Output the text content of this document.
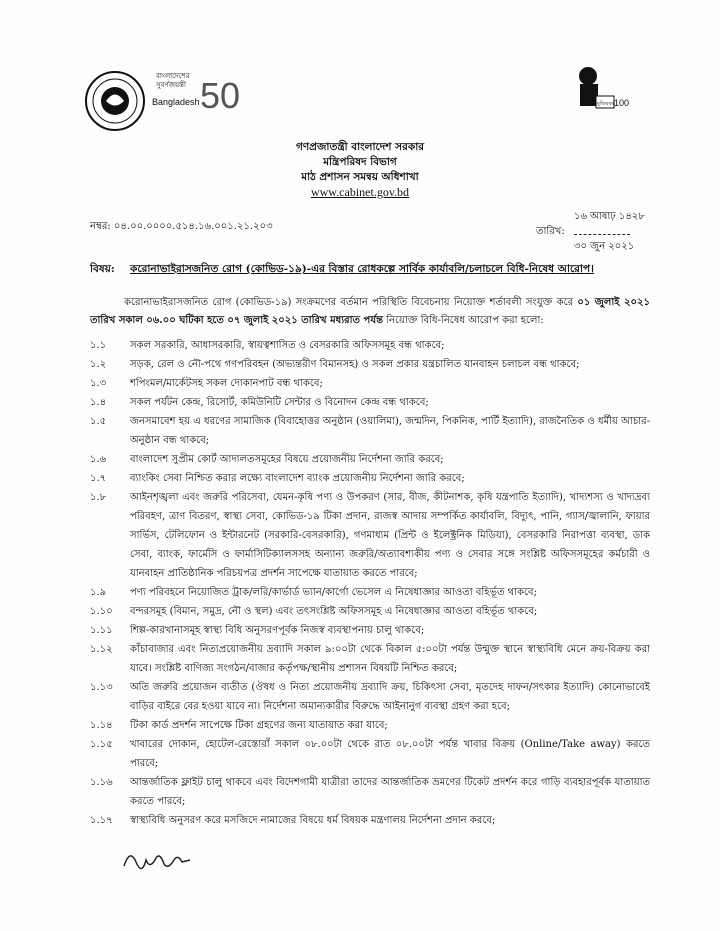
বাংলাদেশের
সুবর্ণজয়ন্তী
Bangladesh 50	মুজিববর্ষ 100
গণপ্রজাতন্ত্রী বাংলাদেশ সরকার
মন্ত্রিপরিষদ বিভাগ
মাঠ প্রশাসন সমন্বয় অধিশাখা
www.cabinet.gov.bd
নম্বর: ০৪.০০.০০০০.৫১৪.১৬.০০১.২১.২০৩
১৬ আষাঢ় ১৪২৮
তারিখ:
৩০ জুন ২০২১
বিষয়: করোনাভাইরাসজনিত রোগ (কোভিড-১৯)-এর বিস্তার রোধকল্পে সার্বিক কার্যাবলি/চলাচলে বিধি-নিষেধ আরোপ।
করোনাভাইরাসজনিত রোগ (কোভিড-১৯) সংক্রমণের বর্তমান পরিস্থিতি বিবেচনায় নিয়োক্ত শর্তাবলী সংযুক্ত করে ০১ জুলাই ২০২১ তারিখ সকাল ০৬.০০ ঘটিকা হতে ০৭ জুলাই ২০২১ তারিখ মধ্যরাত পর্যন্ত নিয়োক্ত বিধি-নিষেধ আরোপ করা হলো:
১.১	সকল সরকারি, আধাসরকারি, স্বায়ত্বশাসিত ও বেসরকারি অফিসসমূহ বন্ধ থাকবে;
১.২	সড়ক, রেল ও নৌ-পথে গণপরিবহন (অভ্যন্তরীণ বিমানসহ) ও সকল প্রকার যন্ত্রচালিত যানবাহন চলাচল বন্ধ থাকবে;
১.৩	শপিংমল/মার্কেটসহ সকল দোকানপাট বন্ধ থাকবে;
১.৪	সকল পর্যটন কেন্দ্র, রিসোর্ট, কমিউনিটি সেন্টার ও বিনোদন কেন্দ্র বন্ধ থাকবে;
১.৫	জনসমাবেশ হয় এ ধরণের সামাজিক (বিবাহোত্তর অনুষ্ঠান (ওয়ালিমা), জন্মদিন, পিকনিক, পার্টি ইত্যাদি), রাজনৈতিক ও ধর্মীয় আচার-অনুষ্ঠান বন্ধ থাকবে;
১.৬	বাংলাদেশ সুপ্রীম কোর্ট আদালতসমূহের বিষয়ে প্রয়োজনীয় নির্দেশনা জারি করবে;
১.৭	ব্যাংকিং সেবা নিশ্চিত করার লক্ষ্যে বাংলাদেশ ব্যাংক প্রয়োজনীয় নির্দেশনা জারি করবে;
১.৮	আইনশৃঙ্খলা এবং জরুরি পরিসেবা, যেমন-কৃষি পণ্য ও উপকরণ (সার, বীজ, কীটনাশক, কৃষি যন্ত্রপাতি ইত্যাদি), খাদ্যশস্য ও খাদ্যদ্রব্য পরিবহণ, ত্রাণ বিতরণ, স্বাস্থ্য সেবা, কোভিড-১৯ টিকা প্রদান, রাজস্ব আদায় সম্পর্কিত কার্যাবলি, বিদ্যুৎ, পানি, গ্যাস/জ্বালানি, ফায়ার সার্ভিস, টেলিফোন ও ইন্টারনেট (সরকারি-বেসরকারি), গণমাধ্যম (প্রিন্ট ও ইলেক্ট্রনিক মিডিয়া), বেসরকারি নিরাপত্তা ব্যবস্থা, ডাক সেবা, ব্যাংক, ফার্মেসি ও ফার্মাসিটিক্যালসসহ অন্যান্য জরুরি/অত্যাবশ্যকীয় পণ্য ও সেবার সঙ্গে সংশ্লিষ্ট অফিসসমূহের কর্মচারী ও যানবাহন প্রাতিষ্ঠানিক পরিচয়পত্র প্রদর্শন সাপেক্ষে যাতায়াত করতে পারবে;
১.৯	পণ্য পরিবহনে নিয়োজিত ট্রাক/লরি/কার্ভার্ড ভ্যান/কার্গো ভেসেল এ নিষেধাজ্ঞার আওতা বহির্ভূত থাকবে;
১.১০	বন্দরসমূহ (বিমান, সমুদ্র, নৌ ও স্থল) এবং তৎসংশ্লিষ্ট অফিসসমূহ এ নিষেধাজ্ঞার আওতা বহির্ভূত থাকবে;
১.১১	শিল্প-কারখানাসমূহ স্বাস্থ্য বিধি অনুসরণপূর্বক নিজস্ব ব্যবস্থাপনায় চালু থাকবে;
১.১২	কাঁচাবাজার এবং নিত্যপ্রয়োজনীয় দ্রব্যাদি সকাল ৯:০০টা থেকে বিকাল ৫:০০টা পর্যন্ত উন্মুক্ত স্থানে স্বাস্থ্যবিধি মেনে ক্রয়-বিক্রয় করা যাবে। সংশ্লিষ্ট বাণিজ্য সংগঠন/বাজার কর্তৃপক্ষ/স্থানীয় প্রশাসন বিষয়টি নিশ্চিত করবে;
১.১৩	অতি জরুরি প্রয়োজন ব্যতীত (ঔষধ ও নিত্য প্রয়োজনীয় দ্রব্যাদি ক্রয়, চিকিৎসা সেবা, মৃতদেহ দাফন/সৎকার ইত্যাদি) কোনোভাবেই বাড়ির বাইরে বের হওয়া যাবে না। নির্দেশনা অমান্যকারীর বিরুদ্ধে আইনানুগ ব্যবস্থা গ্রহণ করা হবে;
১.১৪	টিকা কার্ড প্রদর্শন সাপেক্ষে টিকা গ্রহণের জন্য যাতায়াত করা যাবে;
১.১৫	খাবারের দোকান, হোটেল-রেস্তোরাঁ সকাল ০৮.০০টা থেকে রাত ০৮.০০টা পর্যন্ত খাবার বিক্রয় (Online/Take away) করতে পারবে;
১.১৬	আন্তর্জাতিক ফ্লাইট চালু থাকবে এবং বিদেশগামী যাত্রীরা তাদের আন্তর্জাতিক ভ্রমণের টিকেট প্রদর্শন করে গাড়ি ব্যবহারপূর্বক যাতায়াত করতে পারবে;
১.১৭	স্বাস্থ্যবিধি অনুসরণ করে মসজিদে নামাজের বিষয়ে ধর্ম বিষয়ক মন্ত্রণালয় নির্দেশনা প্রদান করবে;
